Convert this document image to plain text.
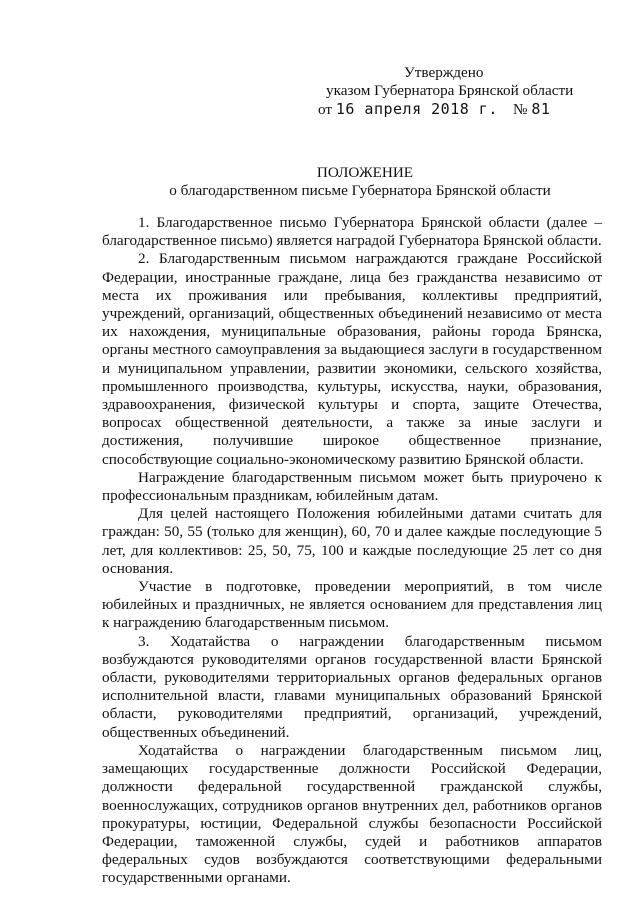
Утверждено
указом Губернатора Брянской области
от 16 апреля 2018 г. № 81
ПОЛОЖЕНИЕ
о благодарственном письме Губернатора Брянской области

1. Благодарственное письмо Губернатора Брянской области (далее – благодарственное письмо) является наградой Губернатора Брянской области.

2. Благодарственным письмом награждаются граждане Российской Федерации, иностранные граждане, лица без гражданства независимо от места их проживания или пребывания, коллективы предприятий, учреждений, организаций, общественных объединений независимо от места их нахождения, муниципальные образования, районы города Брянска, органы местного самоуправления за выдающиеся заслуги в государственном и муниципальном управлении, развитии экономики, сельского хозяйства, промышленного производства, культуры, искусства, науки, образования, здравоохранения, физической культуры и спорта, защите Отечества, вопросах общественной деятельности, а также за иные заслуги и достижения, получившие широкое общественное признание, способствующие социально-экономическому развитию Брянской области.

Награждение благодарственным письмом может быть приурочено к профессиональным праздникам, юбилейным датам.

Для целей настоящего Положения юбилейными датами считать для граждан: 50, 55 (только для женщин), 60, 70 и далее каждые последующие 5 лет, для коллективов: 25, 50, 75, 100 и каждые последующие 25 лет со дня основания.

Участие в подготовке, проведении мероприятий, в том числе юбилейных и праздничных, не является основанием для представления лиц к награждению благодарственным письмом.

3. Ходатайства о награждении благодарственным письмом возбуждаются руководителями органов государственной власти Брянской области, руководителями территориальных органов федеральных органов исполнительной власти, главами муниципальных образований Брянской области, руководителями предприятий, организаций, учреждений, общественных объединений.

Ходатайства о награждении благодарственным письмом лиц, замещающих государственные должности Российской Федерации, должности федеральной государственной гражданской службы, военнослужащих, сотрудников органов внутренних дел, работников органов прокуратуры, юстиции, Федеральной службы безопасности Российской Федерации, таможенной службы, судей и работников аппаратов федеральных судов возбуждаются соответствующими федеральными государственными органами.
